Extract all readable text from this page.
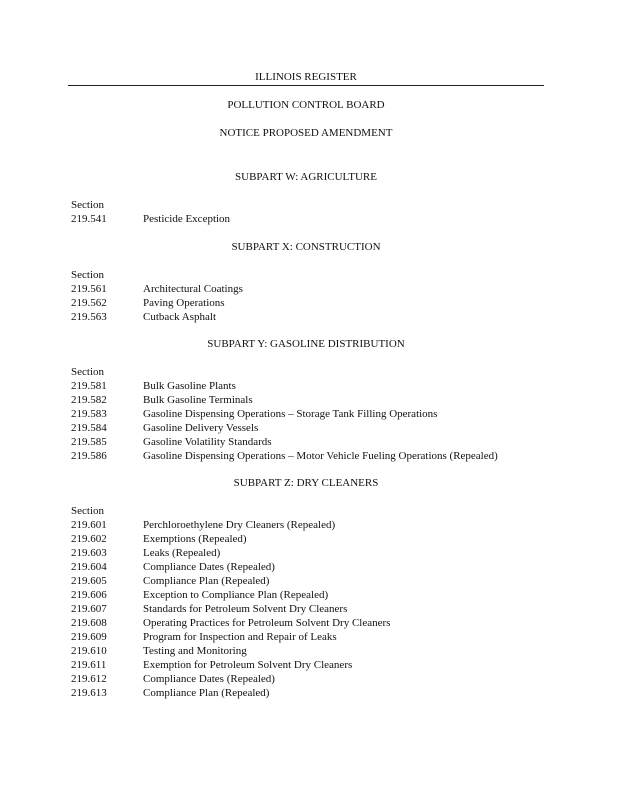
ILLINOIS REGISTER
POLLUTION CONTROL BOARD
NOTICE PROPOSED AMENDMENT
SUBPART W: AGRICULTURE
Section
219.541	Pesticide Exception
SUBPART X: CONSTRUCTION
Section
219.561	Architectural Coatings
219.562	Paving Operations
219.563	Cutback Asphalt
SUBPART Y: GASOLINE DISTRIBUTION
Section
219.581	Bulk Gasoline Plants
219.582	Bulk Gasoline Terminals
219.583	Gasoline Dispensing Operations – Storage Tank Filling Operations
219.584	Gasoline Delivery Vessels
219.585	Gasoline Volatility Standards
219.586	Gasoline Dispensing Operations – Motor Vehicle Fueling Operations (Repealed)
SUBPART Z: DRY CLEANERS
Section
219.601	Perchloroethylene Dry Cleaners (Repealed)
219.602	Exemptions (Repealed)
219.603	Leaks (Repealed)
219.604	Compliance Dates (Repealed)
219.605	Compliance Plan (Repealed)
219.606	Exception to Compliance Plan (Repealed)
219.607	Standards for Petroleum Solvent Dry Cleaners
219.608	Operating Practices for Petroleum Solvent Dry Cleaners
219.609	Program for Inspection and Repair of Leaks
219.610	Testing and Monitoring
219.611	Exemption for Petroleum Solvent Dry Cleaners
219.612	Compliance Dates (Repealed)
219.613	Compliance Plan (Repealed)
